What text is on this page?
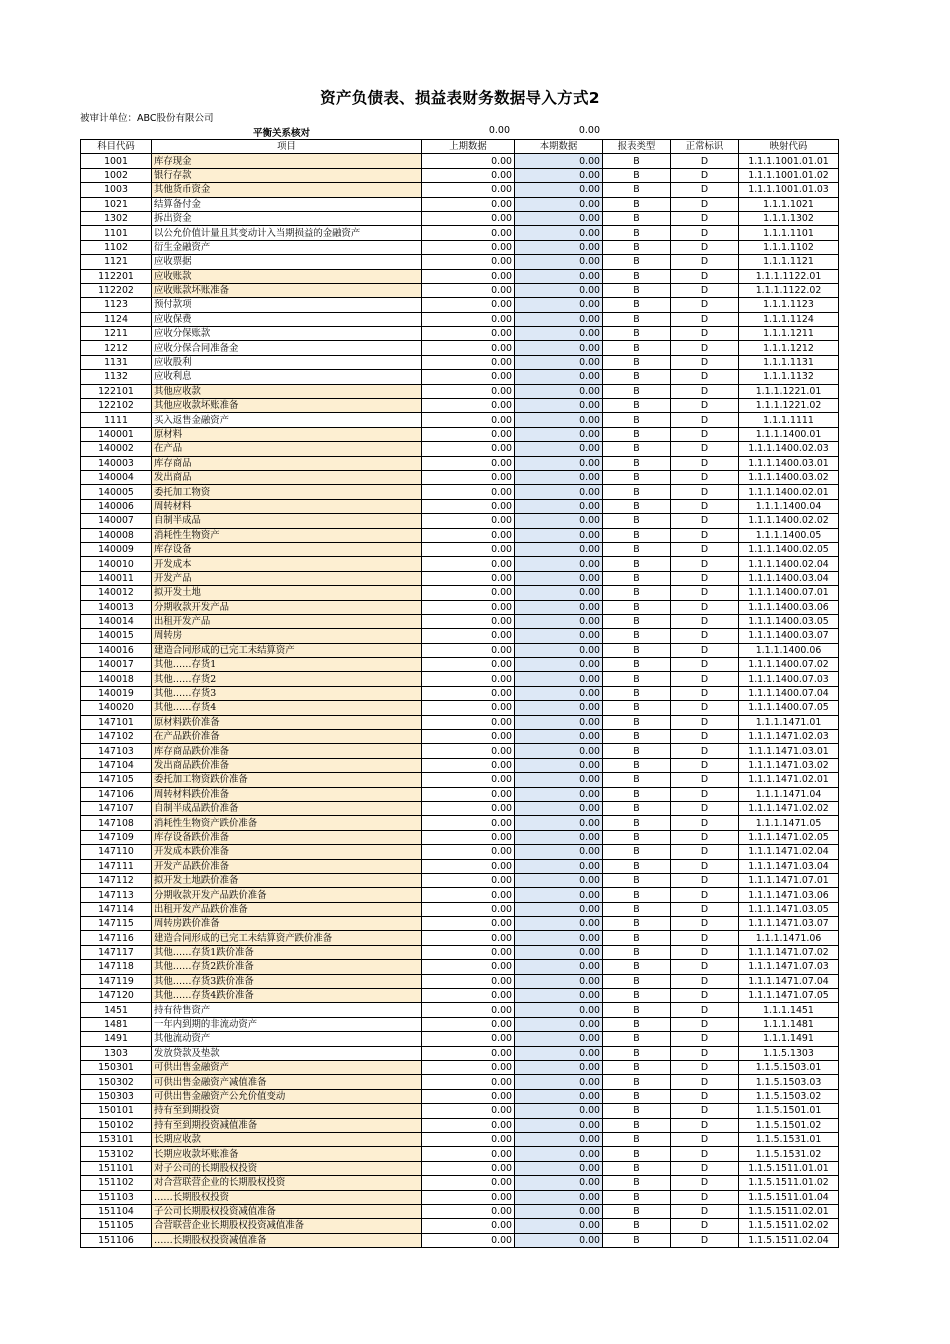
资产负债表、损益表财务数据导入方式2
被审计单位：ABC股份有限公司
平衡关系核对	0.00	0.00
科目代码	项目	上期数据	本期数据	报表类型	正常标识	映射代码
1001	库存现金	0.00	0.00	B	D	1.1.1.1001.01.01
1002	银行存款	0.00	0.00	B	D	1.1.1.1001.01.02
1003	其他货币资金	0.00	0.00	B	D	1.1.1.1001.01.03
1021	结算备付金	0.00	0.00	B	D	1.1.1.1021
1302	拆出资金	0.00	0.00	B	D	1.1.1.1302
1101	以公允价值计量且其变动计入当期损益的金融资产	0.00	0.00	B	D	1.1.1.1101
1102	衍生金融资产	0.00	0.00	B	D	1.1.1.1102
1121	应收票据	0.00	0.00	B	D	1.1.1.1121
112201	应收账款	0.00	0.00	B	D	1.1.1.1122.01
112202	应收账款坏账准备	0.00	0.00	B	D	1.1.1.1122.02
1123	预付款项	0.00	0.00	B	D	1.1.1.1123
1124	应收保费	0.00	0.00	B	D	1.1.1.1124
1211	应收分保账款	0.00	0.00	B	D	1.1.1.1211
1212	应收分保合同准备金	0.00	0.00	B	D	1.1.1.1212
1131	应收股利	0.00	0.00	B	D	1.1.1.1131
1132	应收利息	0.00	0.00	B	D	1.1.1.1132
122101	其他应收款	0.00	0.00	B	D	1.1.1.1221.01
122102	其他应收款坏账准备	0.00	0.00	B	D	1.1.1.1221.02
1111	买入返售金融资产	0.00	0.00	B	D	1.1.1.1111
140001	原材料	0.00	0.00	B	D	1.1.1.1400.01
140002	在产品	0.00	0.00	B	D	1.1.1.1400.02.03
140003	库存商品	0.00	0.00	B	D	1.1.1.1400.03.01
140004	发出商品	0.00	0.00	B	D	1.1.1.1400.03.02
140005	委托加工物资	0.00	0.00	B	D	1.1.1.1400.02.01
140006	周转材料	0.00	0.00	B	D	1.1.1.1400.04
140007	自制半成品	0.00	0.00	B	D	1.1.1.1400.02.02
140008	消耗性生物资产	0.00	0.00	B	D	1.1.1.1400.05
140009	库存设备	0.00	0.00	B	D	1.1.1.1400.02.05
140010	开发成本	0.00	0.00	B	D	1.1.1.1400.02.04
140011	开发产品	0.00	0.00	B	D	1.1.1.1400.03.04
140012	拟开发土地	0.00	0.00	B	D	1.1.1.1400.07.01
140013	分期收款开发产品	0.00	0.00	B	D	1.1.1.1400.03.06
140014	出租开发产品	0.00	0.00	B	D	1.1.1.1400.03.05
140015	周转房	0.00	0.00	B	D	1.1.1.1400.03.07
140016	建造合同形成的已完工未结算资产	0.00	0.00	B	D	1.1.1.1400.06
140017	其他……存货1	0.00	0.00	B	D	1.1.1.1400.07.02
140018	其他……存货2	0.00	0.00	B	D	1.1.1.1400.07.03
140019	其他……存货3	0.00	0.00	B	D	1.1.1.1400.07.04
140020	其他……存货4	0.00	0.00	B	D	1.1.1.1400.07.05
147101	原材料跌价准备	0.00	0.00	B	D	1.1.1.1471.01
147102	在产品跌价准备	0.00	0.00	B	D	1.1.1.1471.02.03
147103	库存商品跌价准备	0.00	0.00	B	D	1.1.1.1471.03.01
147104	发出商品跌价准备	0.00	0.00	B	D	1.1.1.1471.03.02
147105	委托加工物资跌价准备	0.00	0.00	B	D	1.1.1.1471.02.01
147106	周转材料跌价准备	0.00	0.00	B	D	1.1.1.1471.04
147107	自制半成品跌价准备	0.00	0.00	B	D	1.1.1.1471.02.02
147108	消耗性生物资产跌价准备	0.00	0.00	B	D	1.1.1.1471.05
147109	库存设备跌价准备	0.00	0.00	B	D	1.1.1.1471.02.05
147110	开发成本跌价准备	0.00	0.00	B	D	1.1.1.1471.02.04
147111	开发产品跌价准备	0.00	0.00	B	D	1.1.1.1471.03.04
147112	拟开发土地跌价准备	0.00	0.00	B	D	1.1.1.1471.07.01
147113	分期收款开发产品跌价准备	0.00	0.00	B	D	1.1.1.1471.03.06
147114	出租开发产品跌价准备	0.00	0.00	B	D	1.1.1.1471.03.05
147115	周转房跌价准备	0.00	0.00	B	D	1.1.1.1471.03.07
147116	建造合同形成的已完工未结算资产跌价准备	0.00	0.00	B	D	1.1.1.1471.06
147117	其他……存货1跌价准备	0.00	0.00	B	D	1.1.1.1471.07.02
147118	其他……存货2跌价准备	0.00	0.00	B	D	1.1.1.1471.07.03
147119	其他……存货3跌价准备	0.00	0.00	B	D	1.1.1.1471.07.04
147120	其他……存货4跌价准备	0.00	0.00	B	D	1.1.1.1471.07.05
1451	持有待售资产	0.00	0.00	B	D	1.1.1.1451
1481	一年内到期的非流动资产	0.00	0.00	B	D	1.1.1.1481
1491	其他流动资产	0.00	0.00	B	D	1.1.1.1491
1303	发放贷款及垫款	0.00	0.00	B	D	1.1.5.1303
150301	可供出售金融资产	0.00	0.00	B	D	1.1.5.1503.01
150302	可供出售金融资产减值准备	0.00	0.00	B	D	1.1.5.1503.03
150303	可供出售金融资产公允价值变动	0.00	0.00	B	D	1.1.5.1503.02
150101	持有至到期投资	0.00	0.00	B	D	1.1.5.1501.01
150102	持有至到期投资减值准备	0.00	0.00	B	D	1.1.5.1501.02
153101	长期应收款	0.00	0.00	B	D	1.1.5.1531.01
153102	长期应收款坏账准备	0.00	0.00	B	D	1.1.5.1531.02
151101	对子公司的长期股权投资	0.00	0.00	B	D	1.1.5.1511.01.01
151102	对合营联营企业的长期股权投资	0.00	0.00	B	D	1.1.5.1511.01.02
151103	……长期股权投资	0.00	0.00	B	D	1.1.5.1511.01.04
151104	子公司长期股权投资减值准备	0.00	0.00	B	D	1.1.5.1511.02.01
151105	合营联营企业长期股权投资减值准备	0.00	0.00	B	D	1.1.5.1511.02.02
151106	……长期股权投资减值准备	0.00	0.00	B	D	1.1.5.1511.02.04
